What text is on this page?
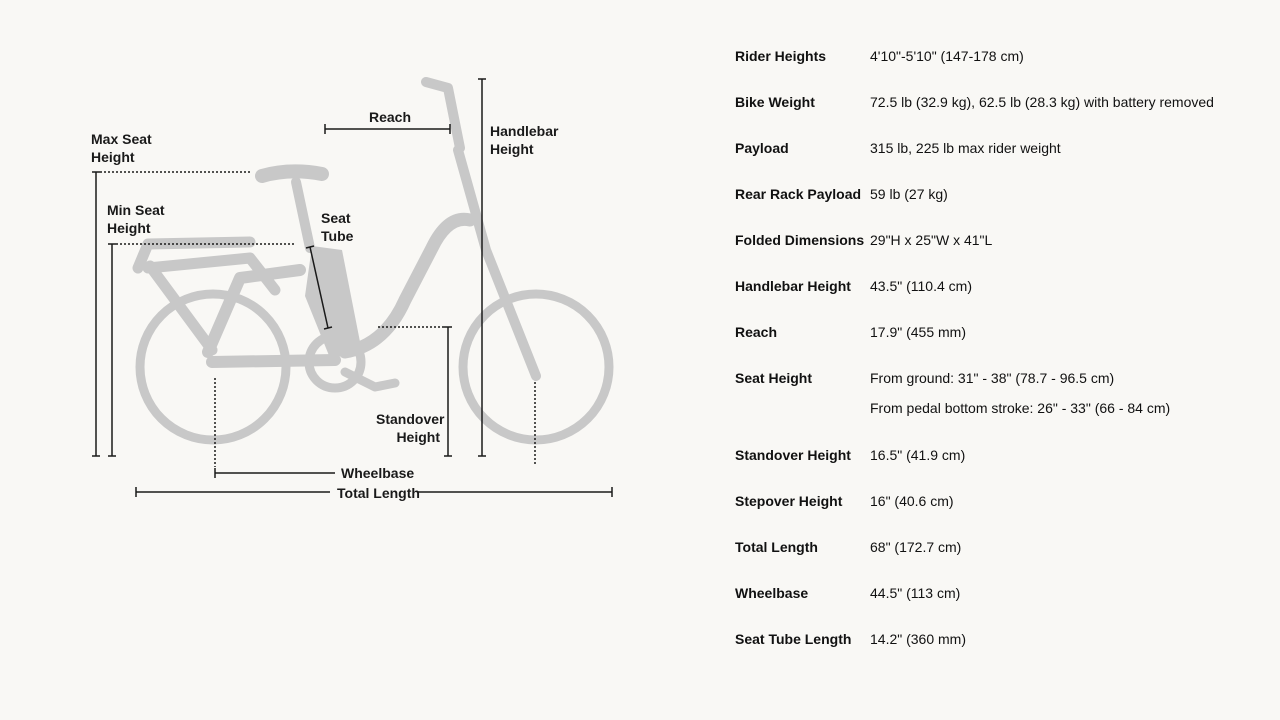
Max Seat
Height
Min Seat
Height
Reach
Handlebar
Height
Seat
Tube
Standover
Height
Wheelbase
Total Length
Rider Heights	4'10"-5'10" (147-178 cm)
Bike Weight	72.5 lb (32.9 kg), 62.5 lb (28.3 kg) with battery removed
Payload	315 lb, 225 lb max rider weight
Rear Rack Payload 59 lb (27 kg)
Folded Dimensions 29"H x 25"W x 41"L
Handlebar Height 43.5" (110.4 cm)
Reach	17.9" (455 mm)
Seat Height	From ground: 31" - 38" (78.7 - 96.5 cm)
From pedal bottom stroke: 26" - 33" (66 - 84 cm)
Standover Height 16.5" (41.9 cm)
Stepover Height 16" (40.6 cm)
Total Length	68" (172.7 cm)
Wheelbase	44.5" (113 cm)
Seat Tube Length 14.2" (360 mm)
